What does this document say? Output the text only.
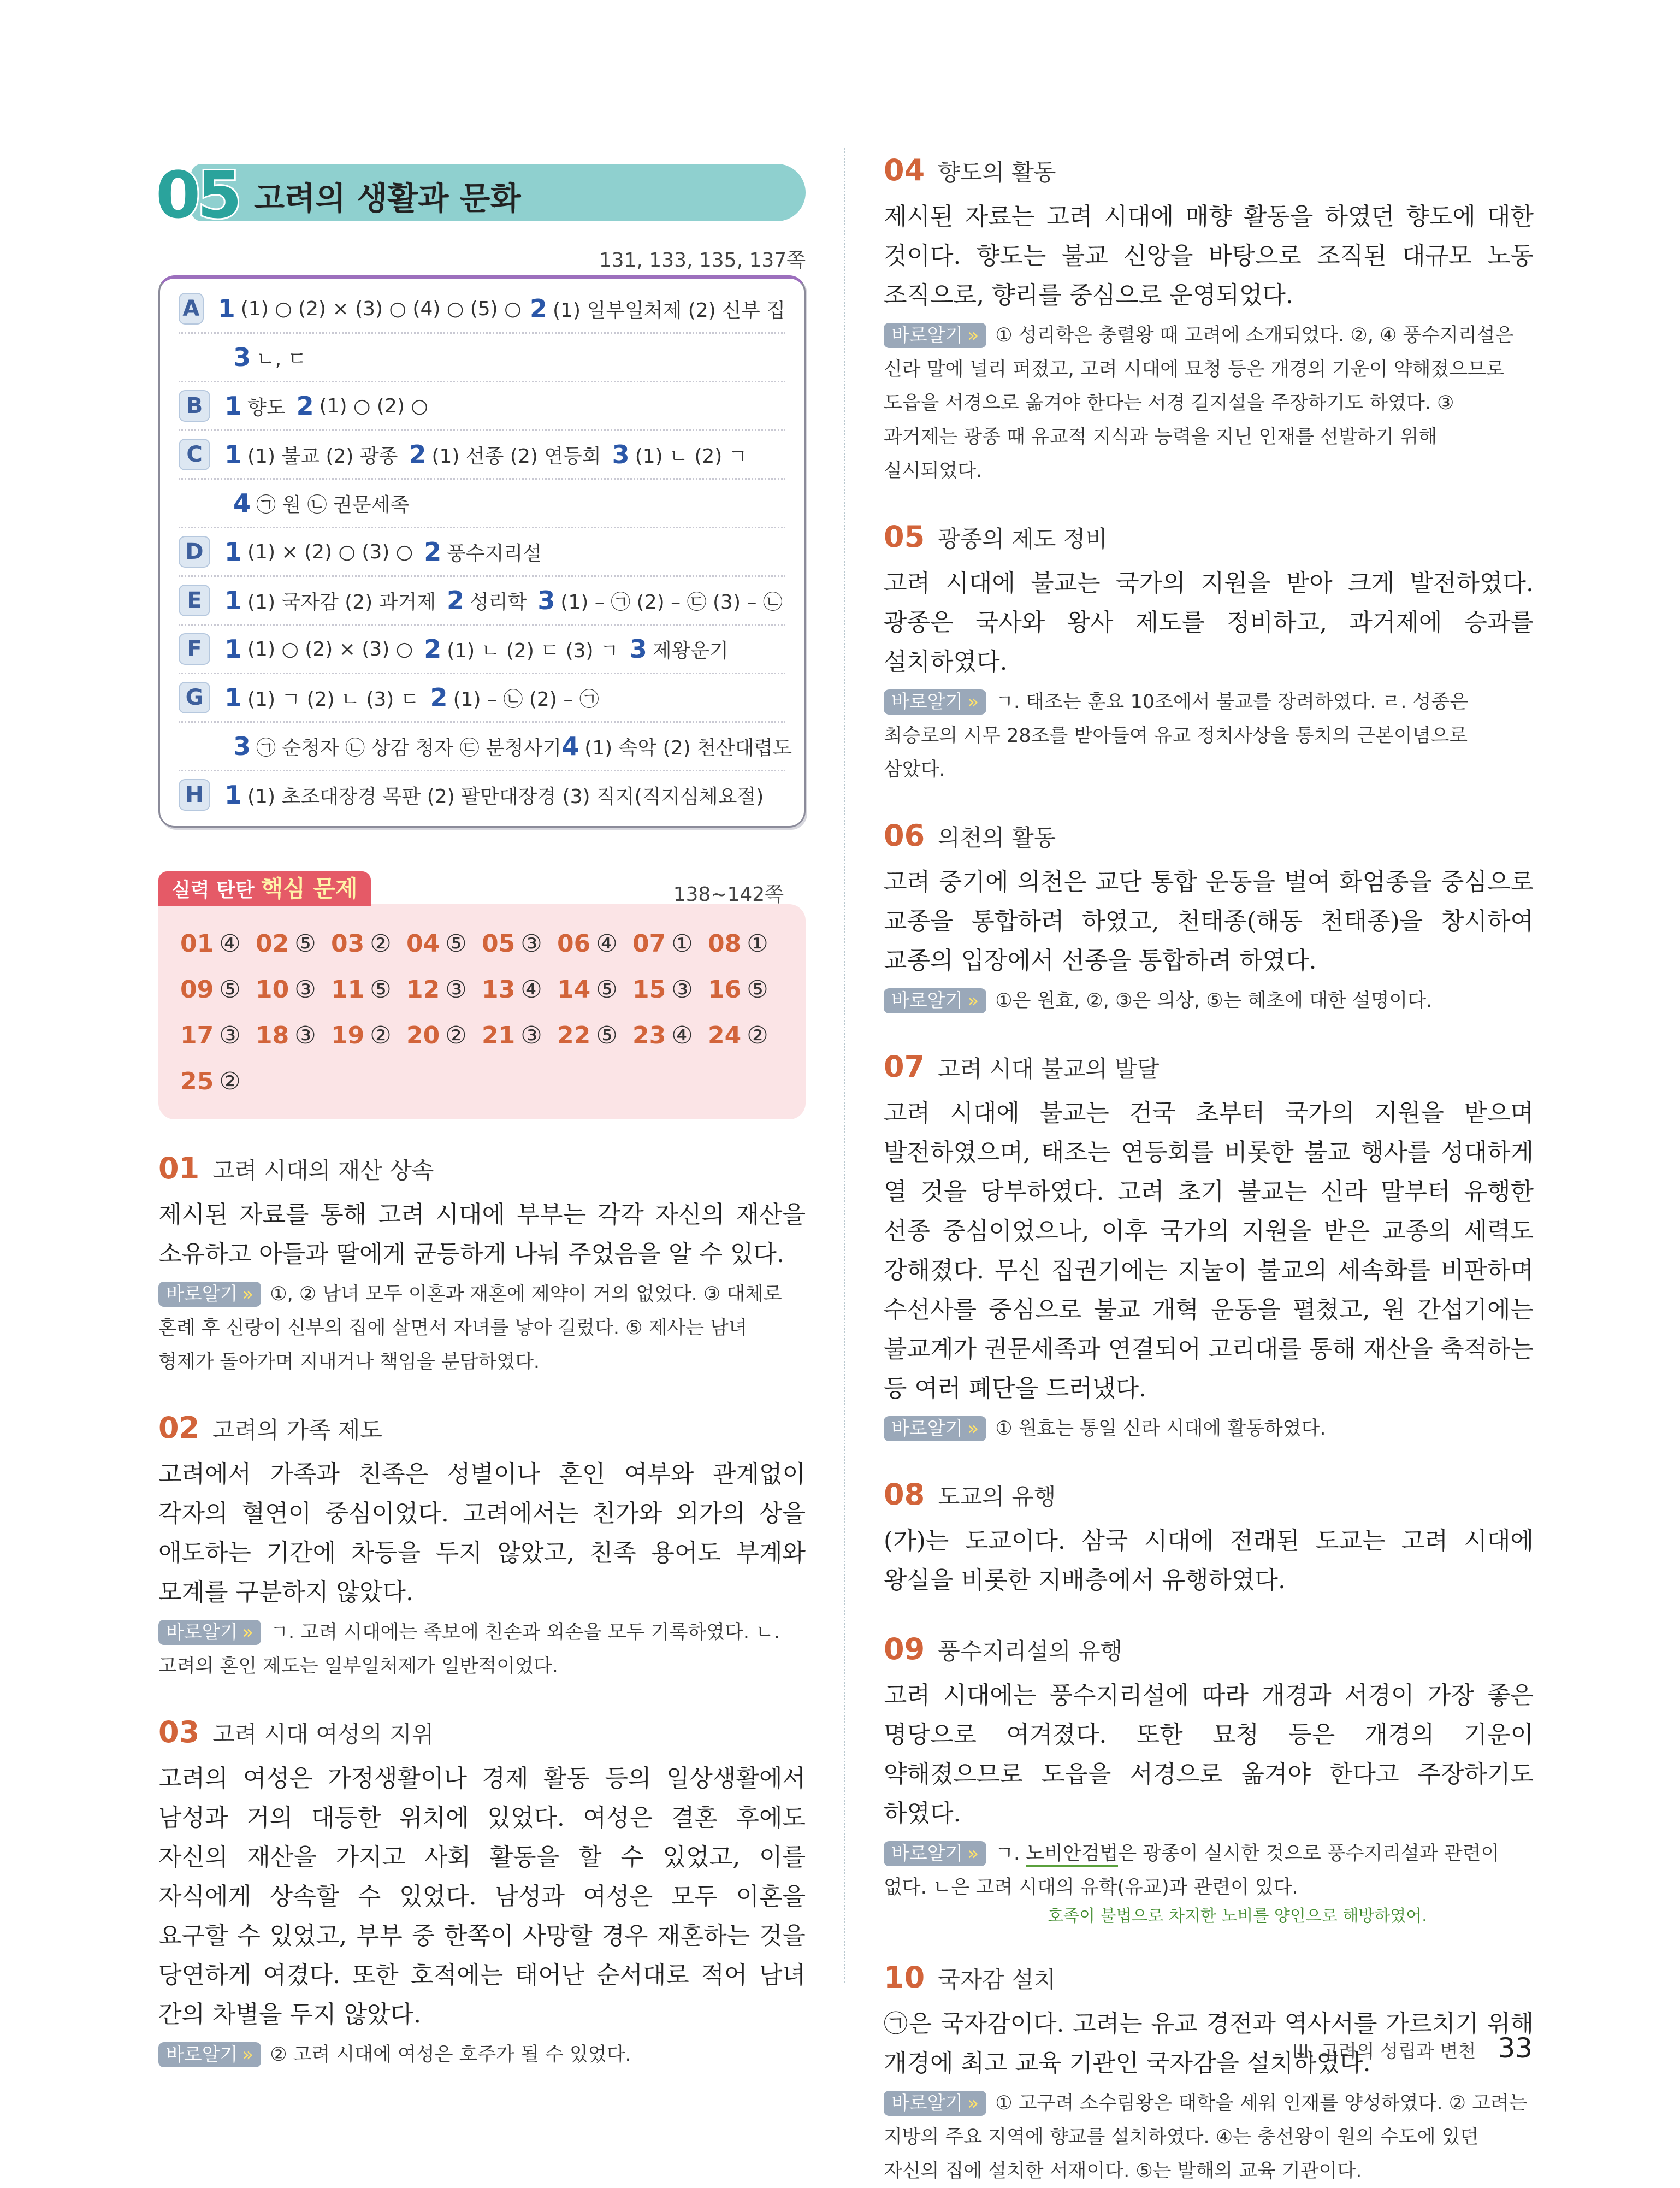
05 고려의 생활과 문화
131, 133, 135, 137쪽
A 1 (1) ○ (2) × (3) ○ (4) ○ (5) ○ 2 (1) 일부일처제 (2) 신부 집
3 ㄴ, ㄷ
B 1 향도 2 (1) ○ (2) ○
C 1 (1) 불교 (2) 광종 2 (1) 선종 (2) 연등회 3 (1) ㄴ (2) ㄱ
4 ㉠ 원 ㉡ 권문세족
D 1 (1) × (2) ○ (3) ○ 2 풍수지리설
E 1 (1) 국자감 (2) 과거제 2 성리학 3 (1) – ㉠ (2) – ㉢ (3) – ㉡
F 1 (1) ○ (2) × (3) ○ 2 (1) ㄴ (2) ㄷ (3) ㄱ 3 제왕운기
G 1 (1) ㄱ (2) ㄴ (3) ㄷ 2 (1) – ㉡ (2) – ㉠
3 ㉠ 순청자 ㉡ 상감 청자 ㉢ 분청사기 4 (1) 속악 (2) 천산대렵도
H 1 (1) 초조대장경 목판 (2) 팔만대장경 (3) 직지(직지심체요절)
실력 탄탄 핵심 문제	138~142쪽
01 ④ 02 ⑤ 03 ② 04 ⑤ 05 ③ 06 ④ 07 ① 08 ①
09 ⑤ 10 ③ 11 ⑤ 12 ③ 13 ④ 14 ⑤ 15 ③ 16 ⑤
17 ③ 18 ③ 19 ② 20 ② 21 ③ 22 ⑤ 23 ④ 24 ②
25 ②
01 고려 시대의 재산 상속
제시된 자료를 통해 고려 시대에 부부는 각각 자신의 재산을 소유하고 아들과 딸에게 균등하게 나눠 주었음을 알 수 있다.
바로알기 » ①, ② 남녀 모두 이혼과 재혼에 제약이 거의 없었다. ③ 대체로 혼례 후 신랑이 신부의 집에 살면서 자녀를 낳아 길렀다. ⑤ 제사는 남녀 형제가 돌아가며 지내거나 책임을 분담하였다.
02 고려의 가족 제도
고려에서 가족과 친족은 성별이나 혼인 여부와 관계없이 각자의 혈연이 중심이었다. 고려에서는 친가와 외가의 상을 애도하는 기간에 차등을 두지 않았고, 친족 용어도 부계와 모계를 구분하지 않았다.
바로알기 » ㄱ. 고려 시대에는 족보에 친손과 외손을 모두 기록하였다. ㄴ. 고려의 혼인 제도는 일부일처제가 일반적이었다.
03 고려 시대 여성의 지위
고려의 여성은 가정생활이나 경제 활동 등의 일상생활에서 남성과 거의 대등한 위치에 있었다. 여성은 결혼 후에도 자신의 재산을 가지고 사회 활동을 할 수 있었고, 이를 자식에게 상속할 수 있었다. 남성과 여성은 모두 이혼을 요구할 수 있었고, 부부 중 한쪽이 사망할 경우 재혼하는 것을 당연하게 여겼다. 또한 호적에는 태어난 순서대로 적어 남녀 간의 차별을 두지 않았다.
바로알기 » ② 고려 시대에 여성은 호주가 될 수 있었다.
04 향도의 활동
제시된 자료는 고려 시대에 매향 활동을 하였던 향도에 대한 것이다. 향도는 불교 신앙을 바탕으로 조직된 대규모 노동 조직으로, 향리를 중심으로 운영되었다.
바로알기 » ① 성리학은 충렬왕 때 고려에 소개되었다. ②, ④ 풍수지리설은 신라 말에 널리 퍼졌고, 고려 시대에 묘청 등은 개경의 기운이 약해졌으므로 도읍을 서경으로 옮겨야 한다는 서경 길지설을 주장하기도 하였다. ③ 과거제는 광종 때 유교적 지식과 능력을 지닌 인재를 선발하기 위해 실시되었다.
05 광종의 제도 정비
고려 시대에 불교는 국가의 지원을 받아 크게 발전하였다. 광종은 국사와 왕사 제도를 정비하고, 과거제에 승과를 설치하였다.
바로알기 » ㄱ. 태조는 훈요 10조에서 불교를 장려하였다. ㄹ. 성종은 최승로의 시무 28조를 받아들여 유교 정치사상을 통치의 근본이념으로 삼았다.
06 의천의 활동
고려 중기에 의천은 교단 통합 운동을 벌여 화엄종을 중심으로 교종을 통합하려 하였고, 천태종(해동 천태종)을 창시하여 교종의 입장에서 선종을 통합하려 하였다.
바로알기 » ①은 원효, ②, ③은 의상, ⑤는 혜초에 대한 설명이다.
07 고려 시대 불교의 발달
고려 시대에 불교는 건국 초부터 국가의 지원을 받으며 발전하였으며, 태조는 연등회를 비롯한 불교 행사를 성대하게 열 것을 당부하였다. 고려 초기 불교는 신라 말부터 유행한 선종 중심이었으나, 이후 국가의 지원을 받은 교종의 세력도 강해졌다. 무신 집권기에는 지눌이 불교의 세속화를 비판하며 수선사를 중심으로 불교 개혁 운동을 펼쳤고, 원 간섭기에는 불교계가 권문세족과 연결되어 고리대를 통해 재산을 축적하는 등 여러 폐단을 드러냈다.
바로알기 » ① 원효는 통일 신라 시대에 활동하였다.
08 도교의 유행
(가)는 도교이다. 삼국 시대에 전래된 도교는 고려 시대에 왕실을 비롯한 지배층에서 유행하였다.
09 풍수지리설의 유행
고려 시대에는 풍수지리설에 따라 개경과 서경이 가장 좋은 명당으로 여겨졌다. 또한 묘청 등은 개경의 기운이 약해졌으므로 도읍을 서경으로 옮겨야 한다고 주장하기도 하였다.
바로알기 » ㄱ. 노비안검법은 광종이 실시한 것으로 풍수지리설과 관련이 없다. ㄴ은 고려 시대의 유학(유교)과 관련이 있다.
호족이 불법으로 차지한 노비를 양인으로 해방하였어.
10 국자감 설치
㉠은 국자감이다. 고려는 유교 경전과 역사서를 가르치기 위해 개경에 최고 교육 기관인 국자감을 설치하였다.
바로알기 » ① 고구려 소수림왕은 태학을 세워 인재를 양성하였다. ② 고려는 지방의 주요 지역에 향교를 설치하였다. ④는 충선왕이 원의 수도에 있던 자신의 집에 설치한 서재이다. ⑤는 발해의 교육 기관이다.
III. 고려의 성립과 변천 33
